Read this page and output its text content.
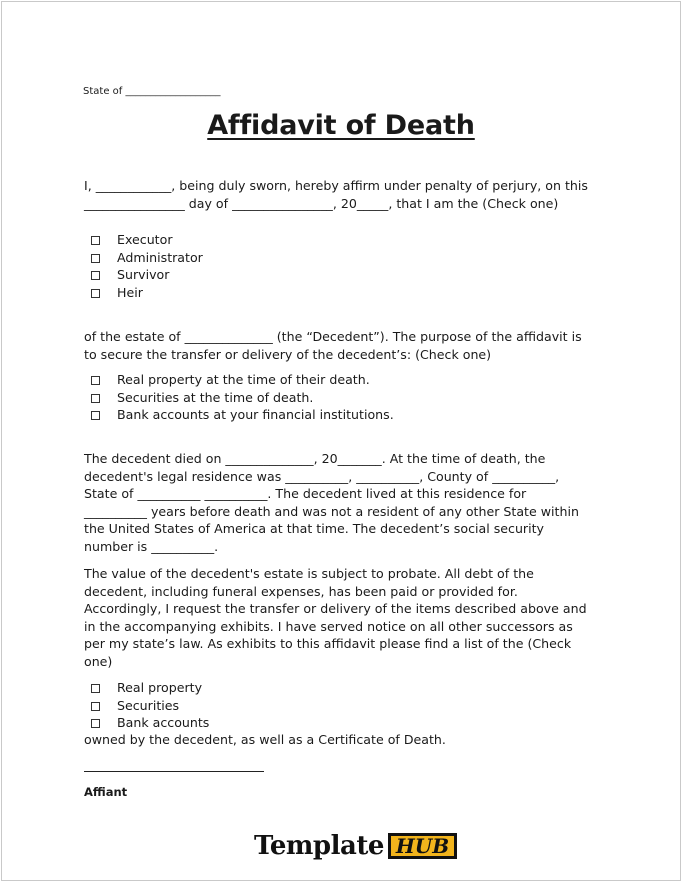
State of ___________________
Affidavit of Death

I, ____________, being duly sworn, hereby affirm under penalty of perjury, on this
________________ day of ________________, 20_____, that I am the (Check one)

Executor
Administrator
Survivor
Heir

of the estate of ______________ (the “Decedent”). The purpose of the affidavit is
to secure the transfer or delivery of the decedent’s: (Check one)

Real property at the time of their death.
Securities at the time of death.
Bank accounts at your financial institutions.

The decedent died on ______________, 20_______. At the time of death, the
decedent's legal residence was __________, __________, County of __________,
State of __________ __________. The decedent lived at this residence for
__________ years before death and was not a resident of any other State within
the United States of America at that time. The decedent’s social security
number is __________.

The value of the decedent's estate is subject to probate. All debt of the
decedent, including funeral expenses, has been paid or provided for.
Accordingly, I request the transfer or delivery of the items described above and
in the accompanying exhibits. I have served notice on all other successors as
per my state’s law. As exhibits to this affidavit please find a list of the (Check
one)

Real property
Securities
Bank accounts

owned by the decedent, as well as a Certificate of Death.

Affiant
Template HUB
